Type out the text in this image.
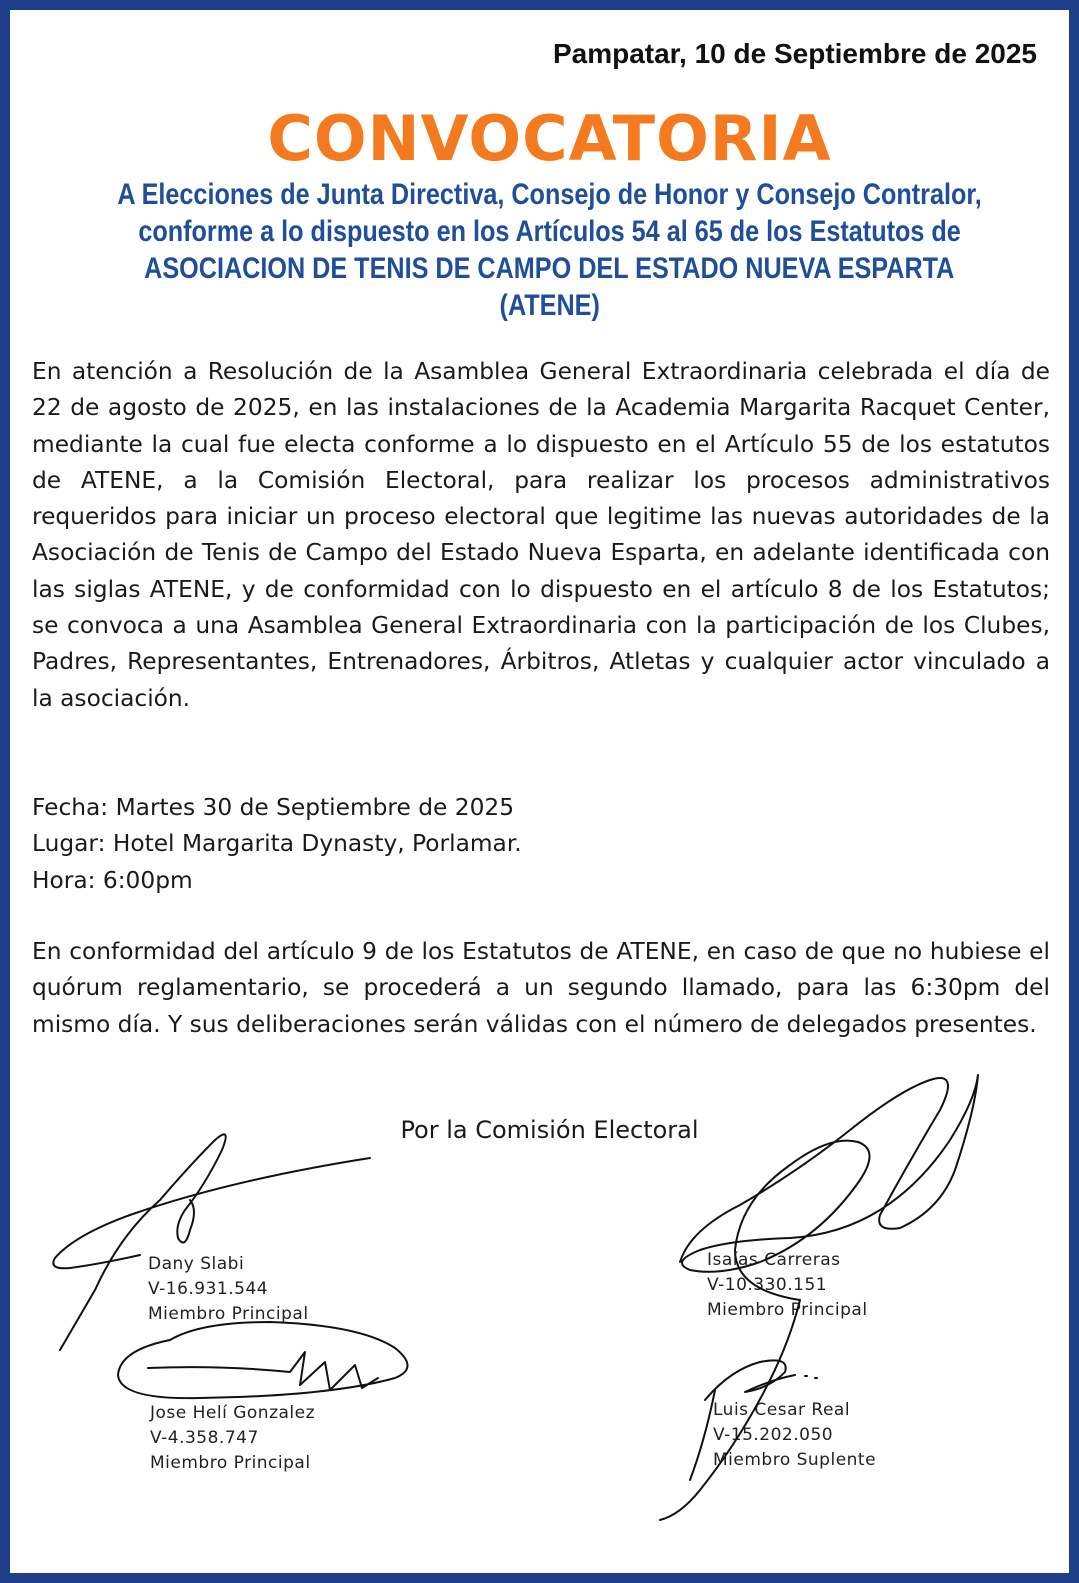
Pampatar, 10 de Septiembre de 2025
CONVOCATORIA
A Elecciones de Junta Directiva, Consejo de Honor y Consejo Contralor,
conforme a lo dispuesto en los Artículos 54 al 65 de los Estatutos de
ASOCIACION DE TENIS DE CAMPO DEL ESTADO NUEVA ESPARTA
(ATENE)
En atención a Resolución de la Asamblea General Extraordinaria celebrada el día de 22 de agosto de 2025, en las instalaciones de la Academia Margarita Racquet Center, mediante la cual fue electa conforme a lo dispuesto en el Artículo 55 de los estatutos de ATENE, a la Comisión Electoral, para realizar los procesos administrativos requeridos para iniciar un proceso electoral que legitime las nuevas autoridades de la Asociación de Tenis de Campo del Estado Nueva Esparta, en adelante identificada con las siglas ATENE, y de conformidad con lo dispuesto en el artículo 8 de los Estatutos; se convoca a una Asamblea General Extraordinaria con la participación de los Clubes, Padres, Representantes, Entrenadores, Árbitros, Atletas y cualquier actor vinculado a la asociación.
Fecha: Martes 30 de Septiembre de 2025
Lugar: Hotel Margarita Dynasty, Porlamar.
Hora: 6:00pm
En conformidad del artículo 9 de los Estatutos de ATENE, en caso de que no hubiese el quórum reglamentario, se procederá a un segundo llamado, para las 6:30pm del mismo día. Y sus deliberaciones serán válidas con el número de delegados presentes.
Por la Comisión Electoral
Dany Slabi
V-16.931.544
Miembro Principal
Jose Helí Gonzalez
V-4.358.747
Miembro Principal
Isaías Carreras
V-10.330.151
Miembro Principal
Luis Cesar Real
V-15.202.050
Miembro Suplente
